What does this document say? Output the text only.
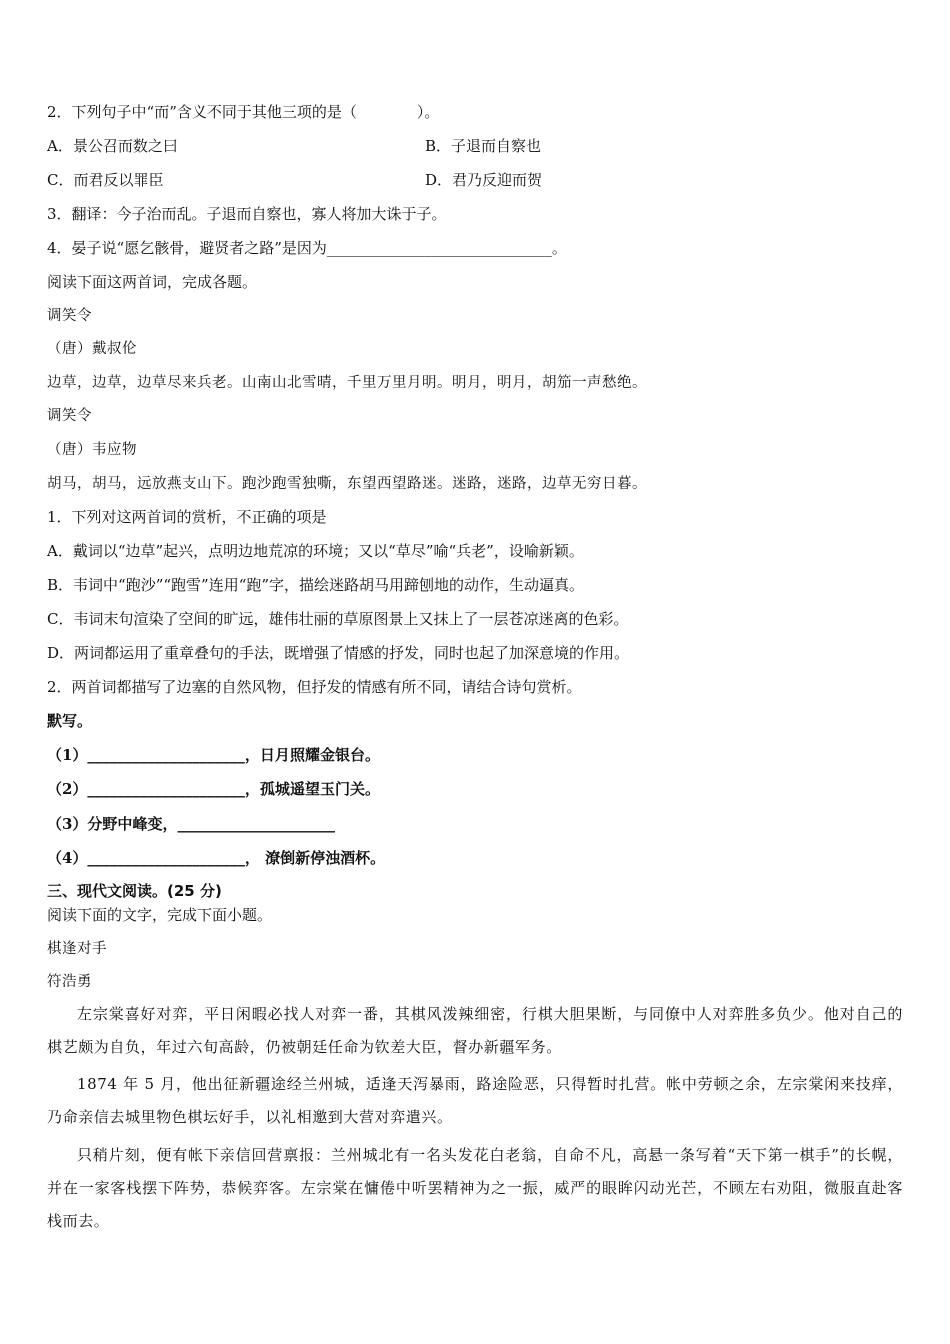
2．下列句子中“而”含义不同于其他三项的是（　　　　）。
A．景公召而数之曰	B．子退而自察也
C．而君反以罪臣	D．君乃反迎而贺
3．翻译：今子治而乱。子退而自察也，寡人将加大诛于子。
4．晏子说“愿乞骸骨，避贤者之路”是因为______________________________。
阅读下面这两首词，完成各题。
调笑令
（唐）戴叔伦
边草，边草，边草尽来兵老。山南山北雪晴，千里万里月明。明月，明月，胡笳一声愁绝。
调笑令
（唐）韦应物
胡马，胡马，远放燕支山下。跑沙跑雪独嘶，东望西望路迷。迷路，迷路，边草无穷日暮。
1．下列对这两首词的赏析，不正确的项是
A．戴词以“边草”起兴，点明边地荒凉的环境；又以“草尽”喻“兵老”，设喻新颖。
B．韦词中“跑沙”“跑雪”连用“跑”字，描绘迷路胡马用蹄刨地的动作，生动逼真。
C．韦词末句渲染了空间的旷远，雄伟壮丽的草原图景上又抹上了一层苍凉迷离的色彩。
D．两词都运用了重章叠句的手法，既增强了情感的抒发，同时也起了加深意境的作用。
2．两首词都描写了边塞的自然风物，但抒发的情感有所不同，请结合诗句赏析。
默写。
（1）_____________________，日月照耀金银台。
（2）_____________________，孤城遥望玉门关。
（3）分野中峰变，_____________________
（4）_____________________， 潦倒新停浊酒杯。
三、现代文阅读。(25 分)
阅读下面的文字，完成下面小题。
棋逢对手
符浩勇
左宗棠喜好对弈，平日闲暇必找人对弈一番，其棋风泼辣细密，行棋大胆果断，与同僚中人对弈胜多负少。他对自己的棋艺颇为自负，年过六旬高龄，仍被朝廷任命为钦差大臣，督办新疆军务。
1874 年 5 月，他出征新疆途经兰州城，适逢天泻暴雨，路途险恶，只得暂时扎营。帐中劳顿之余，左宗棠闲来技痒，乃命亲信去城里物色棋坛好手，以礼相邀到大营对弈遣兴。
只稍片刻，便有帐下亲信回营禀报：兰州城北有一名头发花白老翁，自命不凡，高悬一条写着“天下第一棋手”的长幌，并在一家客栈摆下阵势，恭候弈客。左宗棠在慵倦中听罢精神为之一振，威严的眼眸闪动光芒，不顾左右劝阻，微服直赴客栈而去。
